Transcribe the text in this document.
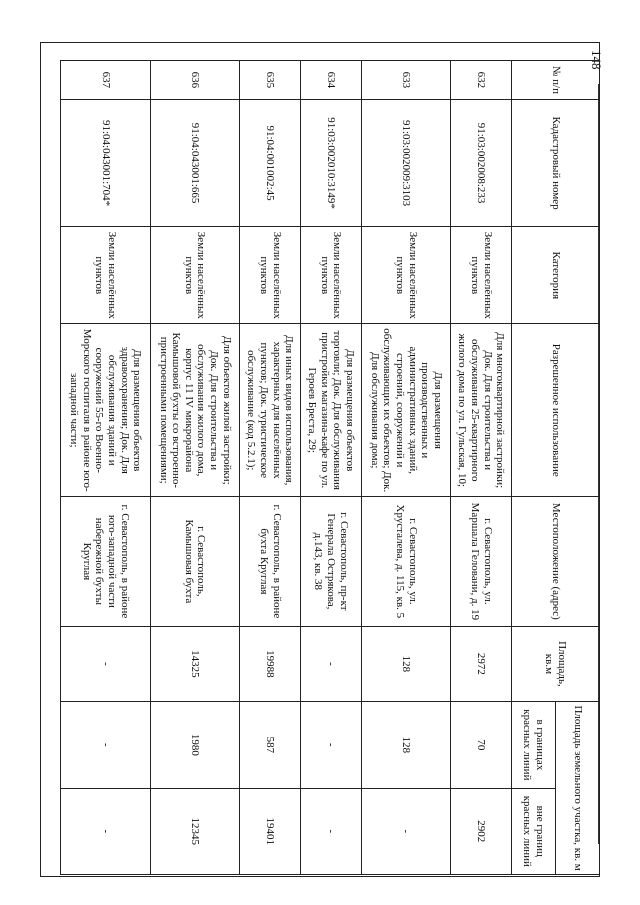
148
№ п/п	Кадастровый номер	Категория	Разрешенное использование	Местоположение (адрес)	Площадь, кв.м	Площадь земельного участка, кв. м	
						в границах красных линий	вне границ красных линий
632	91:03:002008:233	Земли населённых пунктов	Для многоквартирной застройки; Док. Для строительства и обслуживания 25-квартирного жилого дома по ул. Гульская, 10;	г. Севастополь, ул. Маршала Геловани, д. 19	2972	70	2902
633	91:03:002009:3103	Земли населённых пунктов	Для размещения производственных и административных зданий, строений, сооружений и обслуживающих их объектов; Док. Для обслуживания дома;	г. Севастополь, ул. Хрусталева, д. 115, кв. 5	128	128	-
634	91:03:002010:3149*	Земли населённых пунктов	Для размещения объектов торговли; Док. Для обслуживания пристройки магазина-кафе по ул. Героев Бреста, 29;	г. Севастополь, пр-кт Генерала Острякова, д.143, кв. 38	-	-	-
635	91:04:001002:45	Земли населённых пунктов	Для иных видов использования, характерных для населённых пунктов; Док. туристическое обслуживание (код 5.2.1);	г. Севастополь, в районе бухта Круглая	19988	587	19401
636	91:04:043001:665	Земли населённых пунктов	Для объектов жилой застройки; Док. Для строительства и обслуживания жилого дома, корпус 11 IV микрорайона Камышовой бухты со встроенно-пристроенными помещениями;	г. Севастополь, Камышовая бухта	14325	1980	12345
637	91:04:043001:704*	Земли населённых пунктов	Для размещения объектов здравоохранения; Док. Для обслуживания зданий и сооружений 55-го Военно-Морского госпиталя в районе юго-западной части;	г. Севастополь, в районе юго-западной части набережной бухты Круглая	-	-	-
